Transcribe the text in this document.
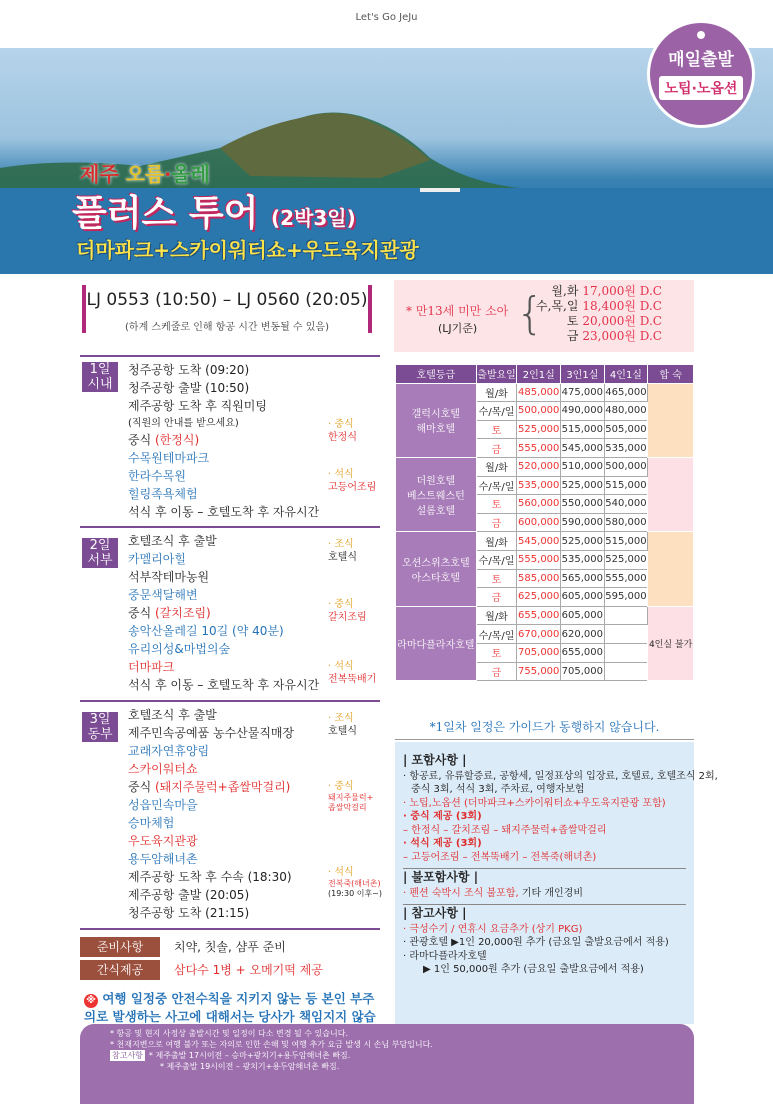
Let's Go JeJu
매일출발
노팁·노옵션
제주 오름·올레
플러스 투어 (2박3일)
더마파크+스카이워터쇼+우도육지관광
LJ 0553 (10:50) – LJ 0560 (20:05)
(하계 스케줄로 인해 항공 시간 변동될 수 있음)
* 만13세 미만 소아
(LJ기준) { 월,화	17,000원 D.C
수,목,일	18,400원 D.C
토	20,000원 D.C
금	23,000원 D.C
1일
시내
청주공항 도착 (09:20)
청주공항 출발 (10:50)
제주공항 도착 후 직원미팅
(직원의 안내를 받으세요)
중식 (한정식)
수목원테마파크
한라수목원
힐링족욕체험
석식 후 이동 – 호텔도착 후 자유시간
· 중식
한정식
· 석식
고등어조림
2일
서부
호텔조식 후 출발
카멜리아힐
석부작테마농원
중문색달해변
중식 (갈치조림)
송악산올레길 10길 (약 40분)
유리의성&마법의숲
더마파크
석식 후 이동 – 호텔도착 후 자유시간
· 조식
호텔식
· 중식
갈치조림
· 석식
전복뚝배기
3일
동부
호텔조식 후 출발
제주민속공예품 농수산물직매장
교래자연휴양림
스카이워터쇼
중식 (돼지주물럭+좁쌀막걸리)
성읍민속마을
승마체험
우도육지관광
용두암해녀촌
제주공항 도착 후 수속 (18:30)
제주공항 출발 (20:05)
청주공항 도착 (21:15)
· 조식
호텔식
· 중식
돼지주물럭+
좁쌀막걸리
· 석식
전복죽(해녀촌)
(19:30 이후~)
호텔등급	출발요일	2인1실	3인1실	4인1실	합 숙
갤럭시호텔
해마호텔	월/화	485,000	475,000	465,000	
	수/목/일	500,000	490,000	480,000	
	토	525,000	515,000	505,000	
	금	555,000	545,000	535,000	
더원호텔
베스트웨스턴
설롬호텔	월/화	520,000	510,000	500,000	
	수/목/일	535,000	525,000	515,000	
	토	560,000	550,000	540,000	
	금	600,000	590,000	580,000	
오션스위츠호텔
아스타호텔	월/화	545,000	525,000	515,000	
	수/목/일	555,000	535,000	525,000	
	토	585,000	565,000	555,000	
	금	625,000	605,000	595,000	
라마다플라자호텔	월/화	655,000	605,000		4인실 불가
	수/목/일	670,000	620,000		
	토	705,000	655,000		
	금	755,000	705,000		
*1일차 일정은 가이드가 동행하지 않습니다.
| 포함사항 |
· 항공료, 유류할증료, 공항세, 일정표상의 입장료, 호텔료, 호텔조식 2회,
중식 3회, 석식 3회, 주차료, 여행자보험
· 노팁,노옵션 (더마파크+스카이워터쇼+우도육지관광 포함)
· 중식 제공 (3회)
– 한정식 – 갈치조림 – 돼지주물럭+좁쌀막걸리
· 석식 제공 (3회)
– 고등어조림 – 전복뚝배기 – 전복죽(해녀촌)
| 불포함사항 |
· 펜션 숙박시 조식 불포함, 기타 개인경비
| 참고사항 |
· 극성수기 / 연휴시 요금추가 (상기 PKG)
· 관광호텔 ▶1인 20,000원 추가 (금요일 출발요금에서 적용)
· 라마다플라자호텔
▶ 1인 50,000원 추가 (금요일 출발요금에서 적용)
준비사항	치약, 칫솔, 샴푸 준비
간식제공	삼다수 1병 + 오메기떡 제공
※ 여행 일정중 안전수칙을 지키지 않는 등 본인 부주의로 발생하는 사고에 대해서는 당사가 책임지지 않습
* 항공 및 현지 사정상 출발시간 및 일정이 다소 변경 될 수 있습니다.
* 천재지변으로 여행 불가 또는 자의로 인한 손해 및 여행 추가 요금 발생 시 손님 부담입니다.
참고사항 * 제주출발 17시이전 – 승마+광치기+용두암해녀촌 빠짐.
* 제주출발 19시이전 – 광치기+용두암해녀촌 빠짐.
